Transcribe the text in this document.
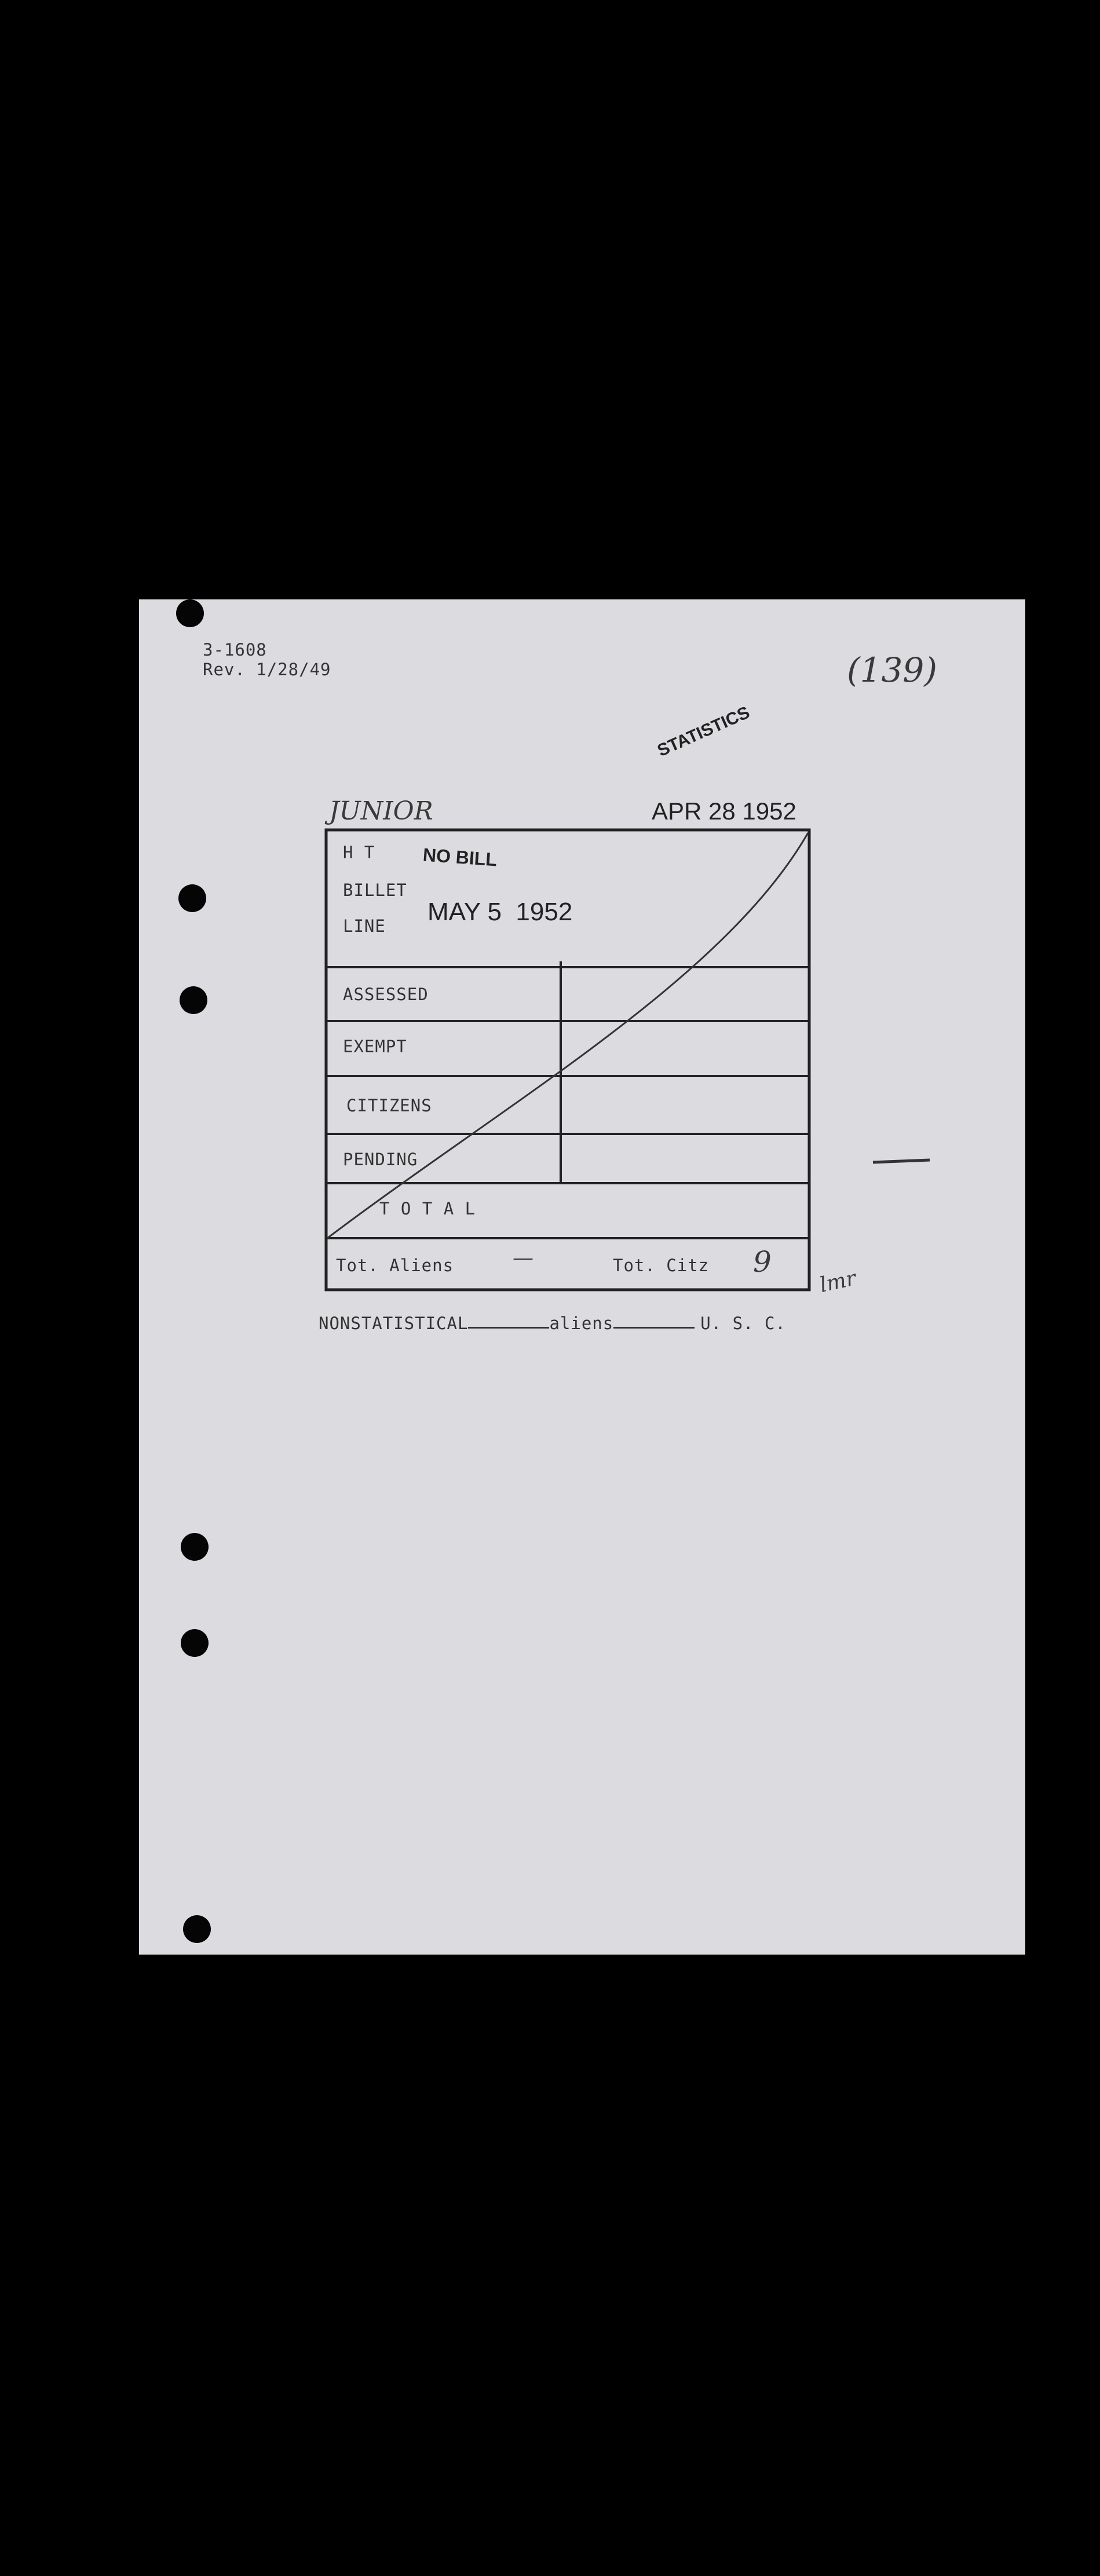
3-1608
Rev. 1/28/49	(139)
STATISTICS
APR 28 1952
JUNIOR
H T
BILLET
LINE
NO BILL
MAY 5  1952
ASSESSED
EXEMPT
CITIZENS
PENDING
T O T A L
Tot. Aliens	—	Tot. Citz 9
lmr
NONSTATISTICAL	aliens	U. S. C.
